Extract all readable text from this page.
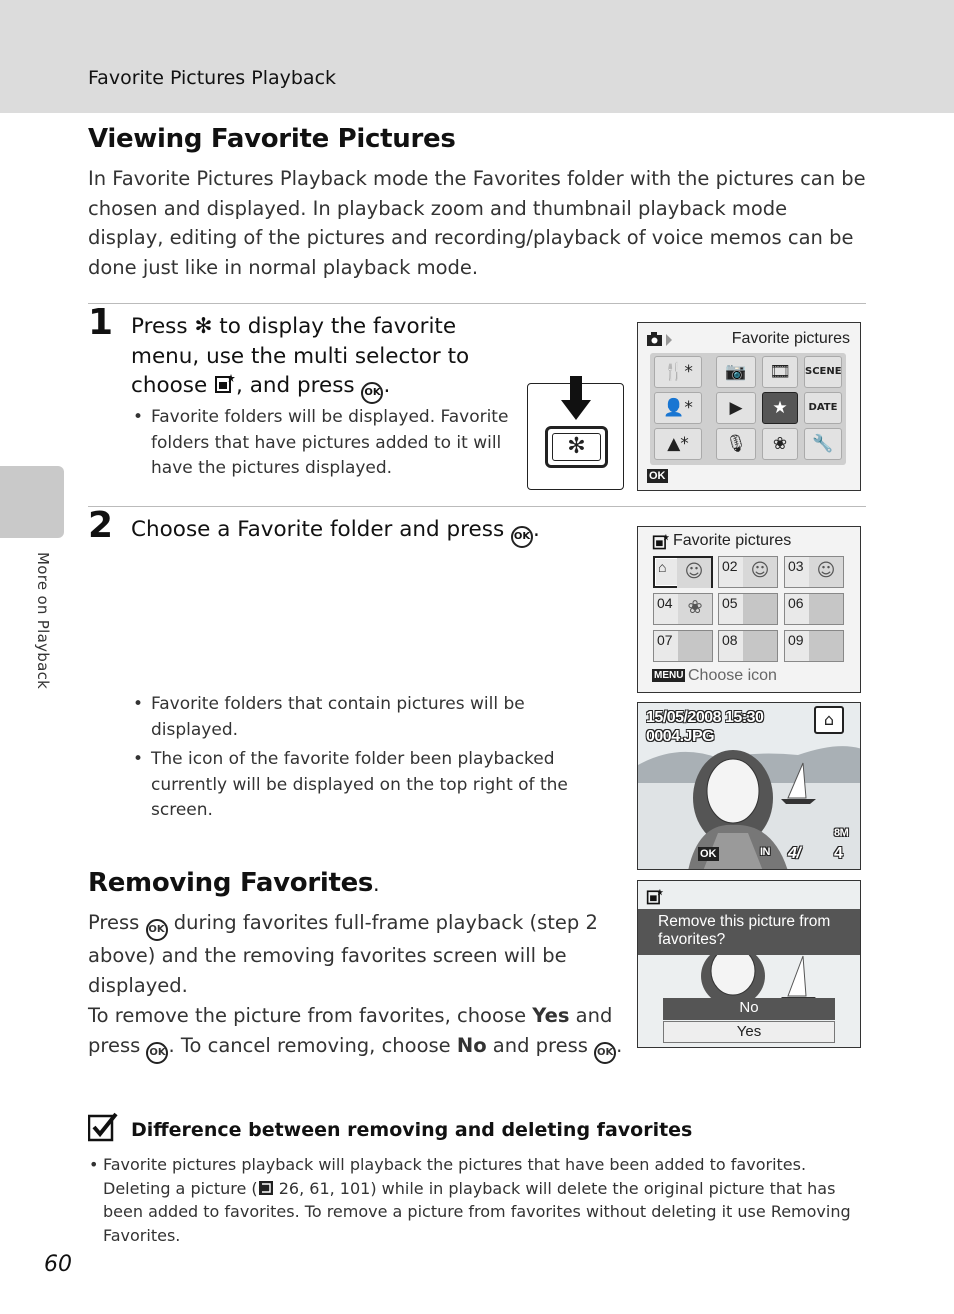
Favorite Pictures Playback
More on Playback
Viewing Favorite Pictures

In Favorite Pictures Playback mode the Favorites folder with the pictures can be chosen and displayed. In playback zoom and thumbnail playback mode display, editing of the pictures and recording/playback of voice memos can be done just like in normal playback mode.

1 Press ✻ to display the favorite menu, use the multi selector to choose , and press OK .

• Favorite folders will be displayed. Favorite folders that have pictures added to it will have the pictures displayed.
✻
Favorite pictures
🍴*	📷	🎞	SCENE
👤*	▶	★	DATE
▲*	🎙	❀	🔧
OK
2 Choose a Favorite folder and press OK .

• Favorite folders that contain pictures will be displayed.
• The icon of the favorite folder been playbacked currently will be displayed on the top right of the screen.
Favorite pictures
⌂	☺	02 ☺	03 ☺
04 ❀	05	06
07	08	09
MENU Choose icon
15/05/2008 15:30
0004.JPG
⌂
OK	IN 4/ 4
8M
Removing Favorites.

Press OK during favorites full-frame playback (step 2 above) and the removing favorites screen will be displayed.

To remove the picture from favorites, choose Yes and press OK . To cancel removing, choose No and press OK .

Remove this picture from favorites?
No
Yes
Difference between removing and deleting favorites
• Favorite pictures playback will playback the pictures that have been added to favorites. Deleting a picture ( 26, 61, 101) while in playback will delete the original picture that has been added to favorites. To remove a picture from favorites without deleting it use Removing Favorites.
60
